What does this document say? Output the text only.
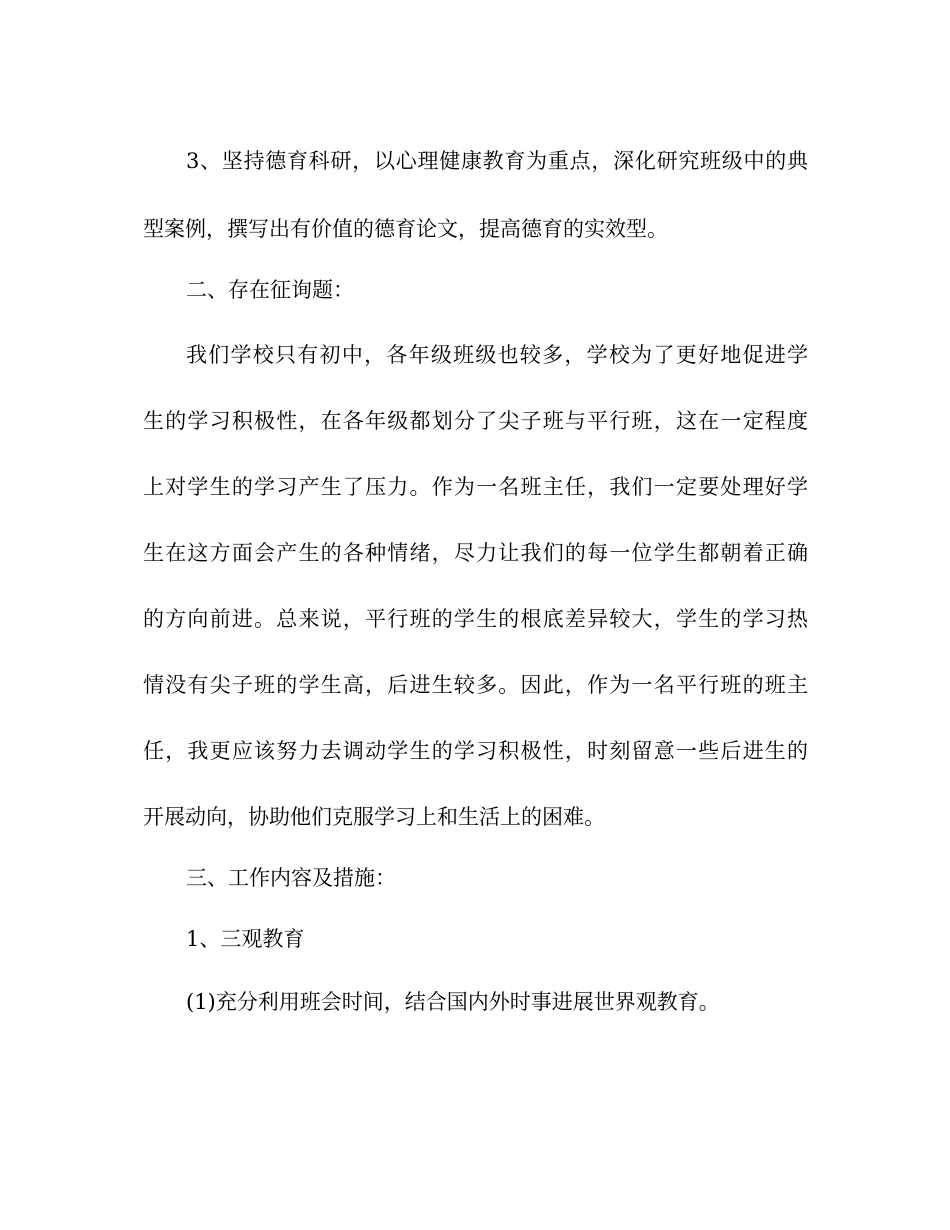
3、坚持德育科研，以心理健康教育为重点，深化研究班级中的典
型案例，撰写出有价值的德育论文，提高德育的实效型。
二、存在征询题：
我们学校只有初中，各年级班级也较多，学校为了更好地促进学
生的学习积极性，在各年级都划分了尖子班与平行班，这在一定程度
上对学生的学习产生了压力。作为一名班主任，我们一定要处理好学
生在这方面会产生的各种情绪，尽力让我们的每一位学生都朝着正确
的方向前进。总来说，平行班的学生的根底差异较大，学生的学习热
情没有尖子班的学生高，后进生较多。因此，作为一名平行班的班主
任，我更应该努力去调动学生的学习积极性，时刻留意一些后进生的
开展动向，协助他们克服学习上和生活上的困难。
三、工作内容及措施：
1、三观教育
(1)充分利用班会时间，结合国内外时事进展世界观教育。
